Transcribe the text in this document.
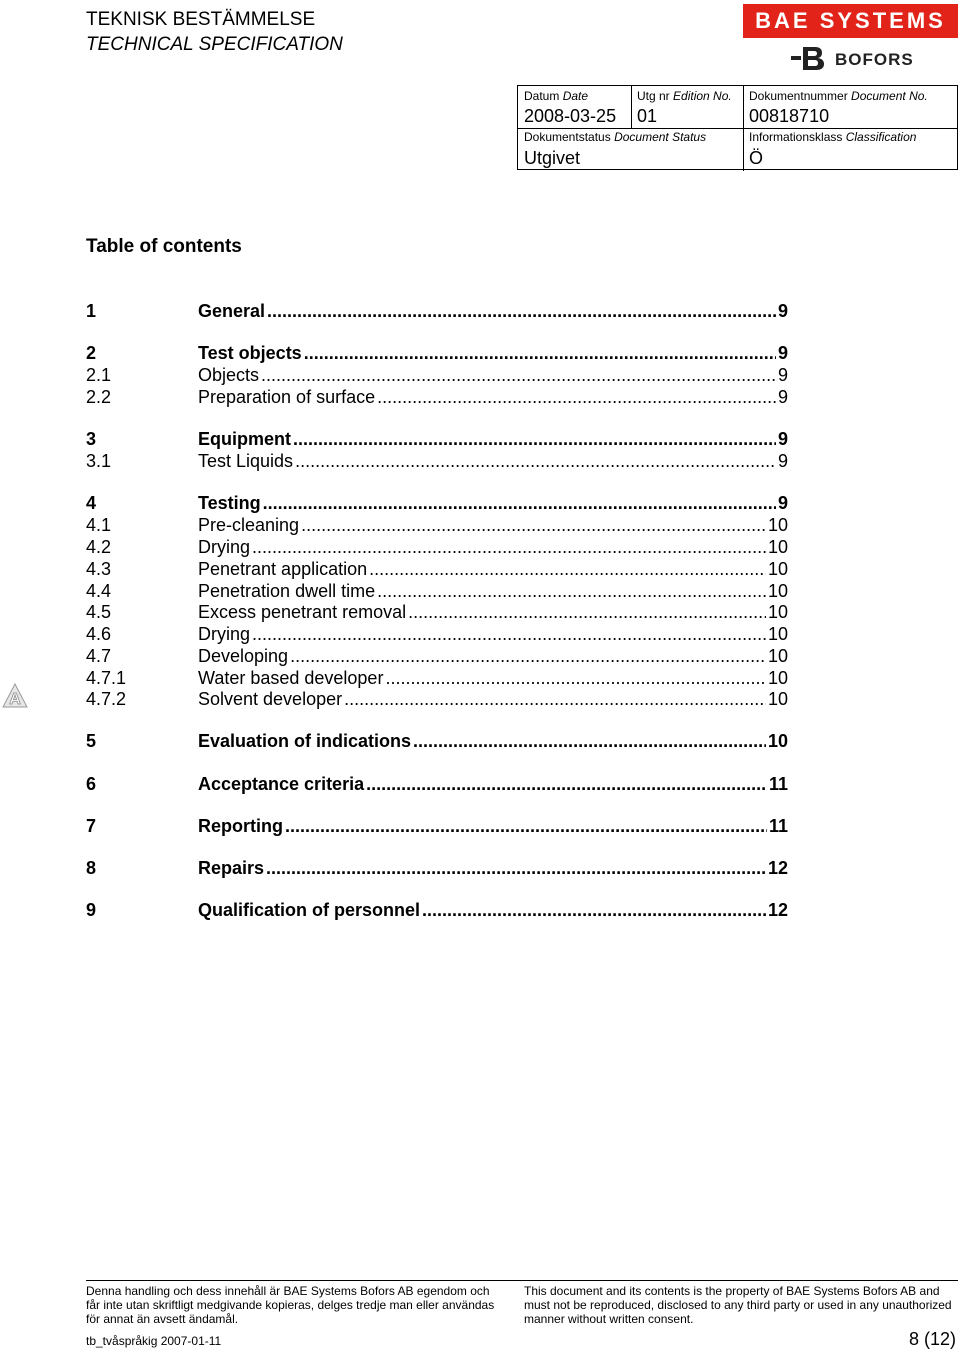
TEKNISK BESTÄMMELSE
TECHNICAL SPECIFICATION
BAE SYSTEMS
BOFORS
Datum Date
2008-03-25
Utg nr Edition No.
01
Dokumentnummer Document No.
00818710
Dokumentstatus Document Status
Utgivet
Informationsklass Classification
Ö
Table of contents
1	General .....	9
2	Test objects .....	9
2.1	Objects .....	9
2.2	Preparation of surface .....	9
3	Equipment .....	9
3.1	Test Liquids .....	9
4	Testing .....	9
4.1	Pre-cleaning .....	10
4.2	Drying .....	10
4.3	Penetrant application .....	10
4.4	Penetration dwell time .....	10
4.5	Excess penetrant removal .....	10
4.6	Drying .....	10
4.7	Developing .....	10
4.7.1	Water based developer .....	10
4.7.2	Solvent developer .....	10
5	Evaluation of indications .....	10
6	Acceptance criteria .....	11
7	Reporting .....	11
8	Repairs .....	12
9	Qualification of personnel .....	12
A
Denna handling och dess innehåll är BAE Systems Bofors AB egendom och får inte utan skriftligt medgivande kopieras, delges tredje man eller användas för annat än avsett ändamål.
This document and its contents is the property of BAE Systems Bofors AB and must not be reproduced, disclosed to any third party or used in any unauthorized manner without written consent.
tb_tvåspråkig 2007-01-11	8 (12)
